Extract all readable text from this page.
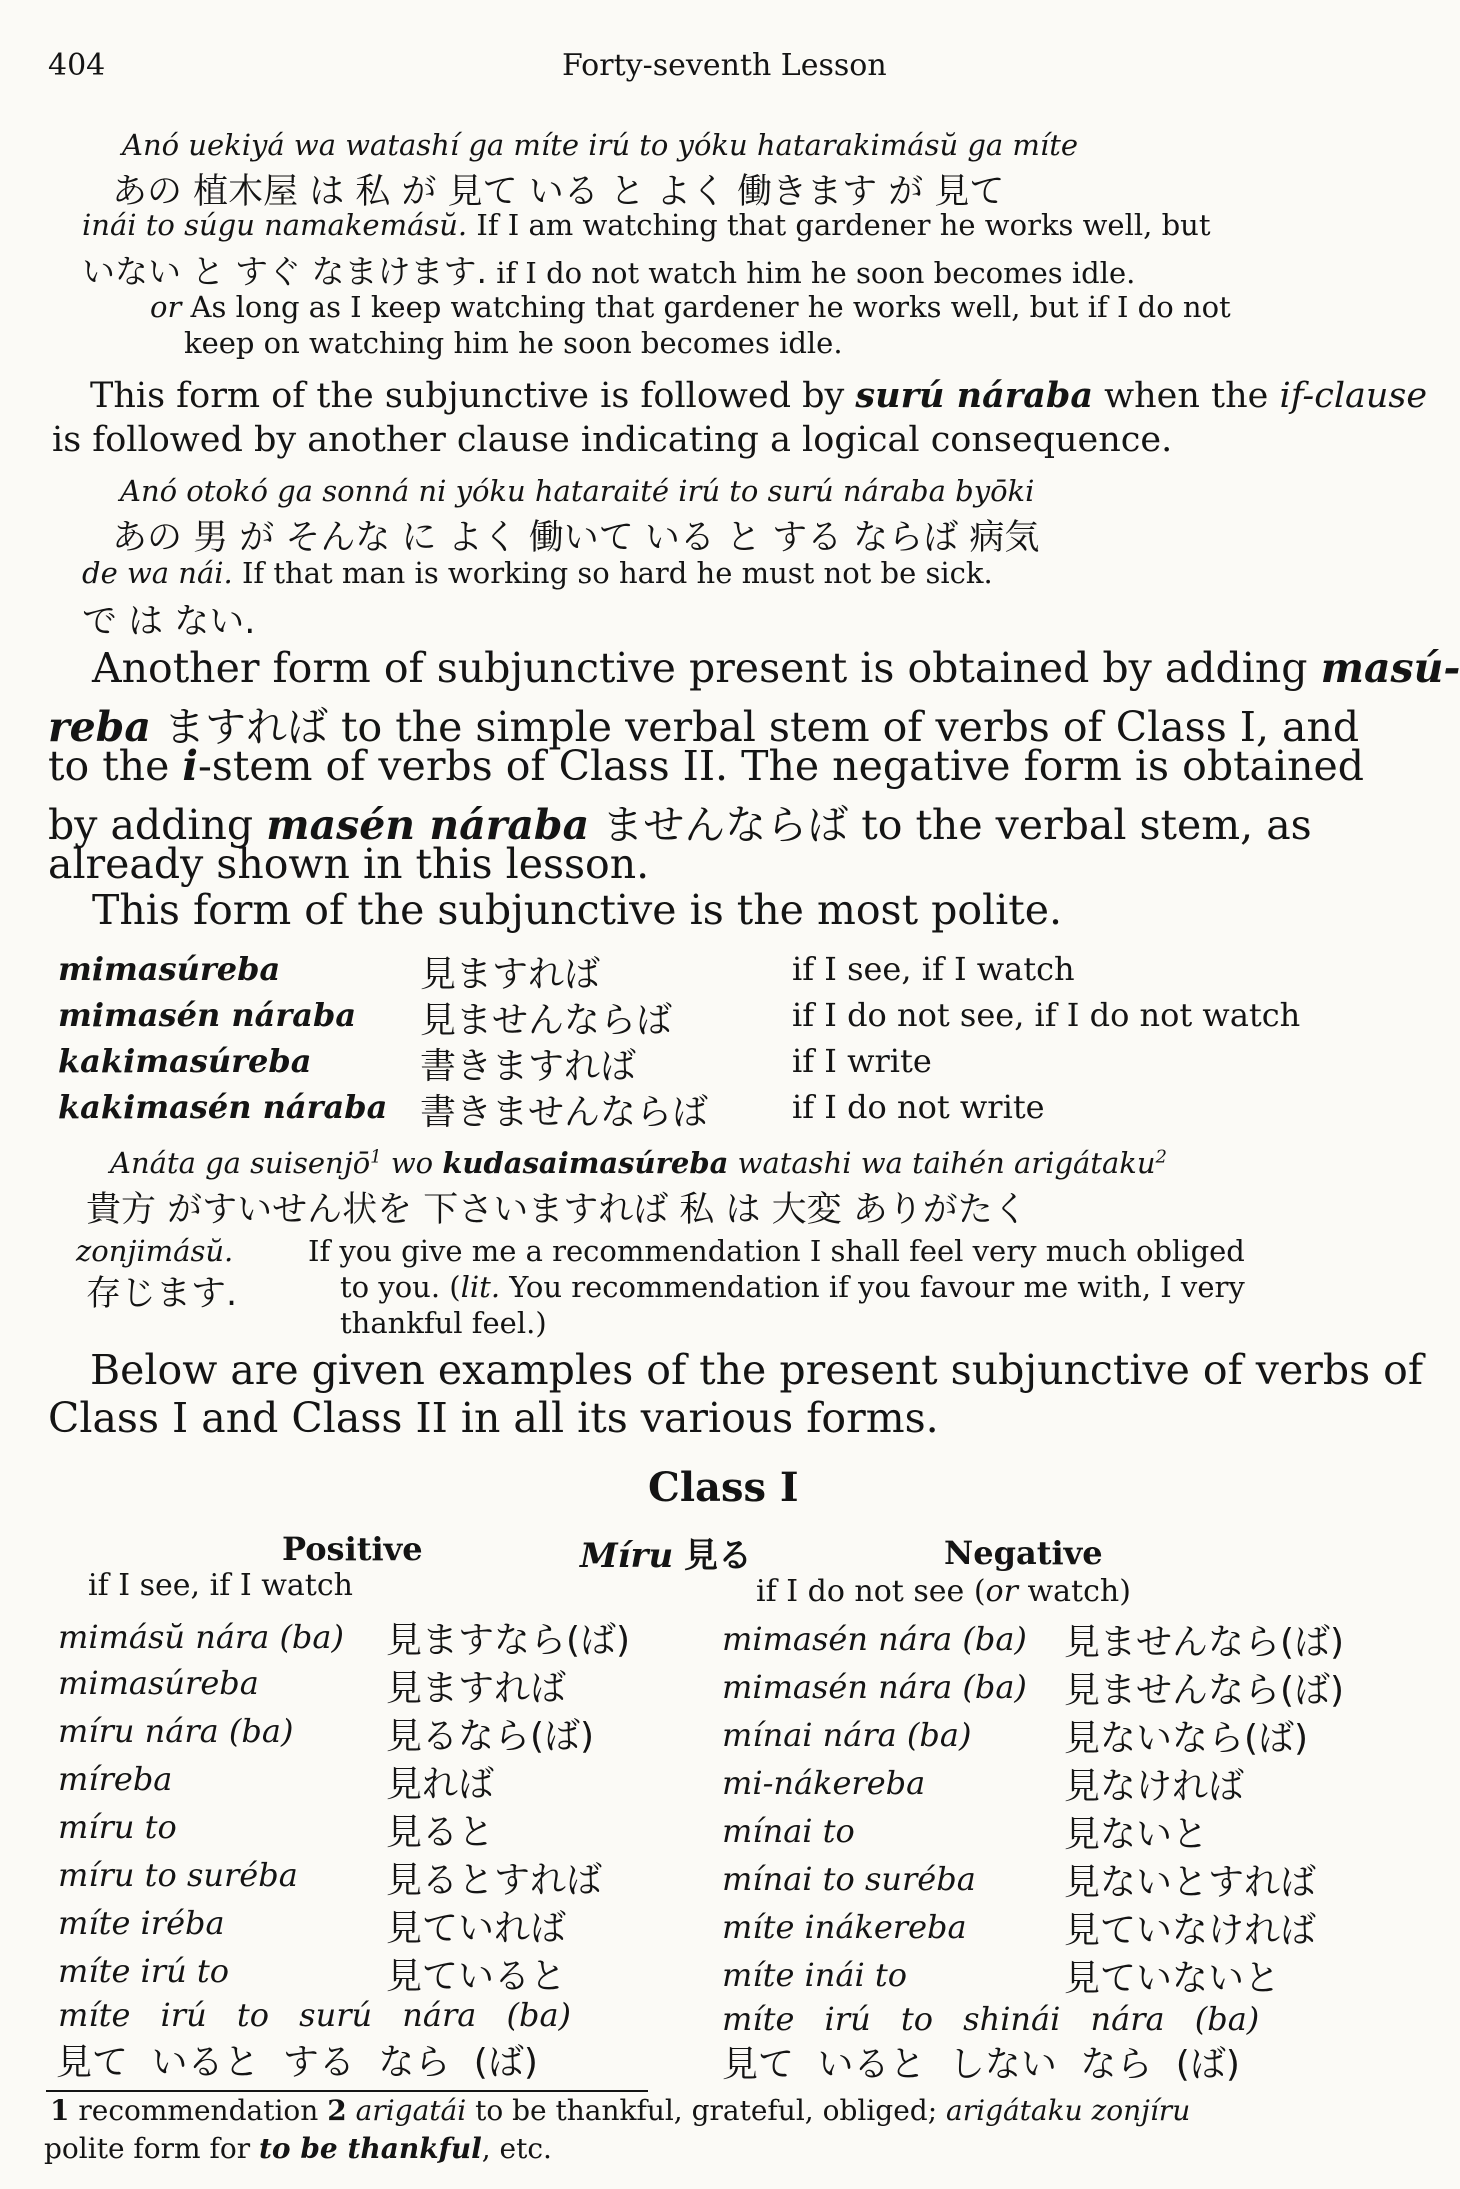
404	Forty-seventh Lesson
Anó uekiyá wa watashí ga míte irú to yóku hatarakimásŭ ga míte
あの 植木屋 は 私 が 見て いる と よく 働きます が 見て
inái to súgu namakemásŭ. If I am watching that gardener he works well, but
いない と すぐ なまけます. if I do not watch him he soon becomes idle.
or As long as I keep watching that gardener he works well, but if I do not
keep on watching him he soon becomes idle.
This form of the subjunctive is followed by surú náraba when the if-clause
is followed by another clause indicating a logical consequence.
Anó otokó ga sonná ni yóku hataraité irú to surú náraba byōki
あの 男 が そんな に よく 働いて いる と する ならば 病気
de wa nái. If that man is working so hard he must not be sick.
で は ない.
Another form of subjunctive present is obtained by adding masú-
reba ますれば to the simple verbal stem of verbs of Class I, and
to the i-stem of verbs of Class II. The negative form is obtained
by adding masén náraba ませんならば to the verbal stem, as
already shown in this lesson.
This form of the subjunctive is the most polite.
mimasúreba	見ますれば	if I see, if I watch
mimasén náraba 見ませんならば	if I do not see, if I do not watch
kakimasúreba	書きますれば	if I write
kakimasén náraba 書きませんならば	if I do not write
Anáta ga suisenjō$^1$ wo kudasaimasúreba watashi wa taihén arigátaku$^2$
貴方 がすいせん状を 下さいますれば 私 は 大変 ありがたく
zonjimásŭ.	If you give me a recommendation I shall feel very much obliged
存じます.	to you. (lit. You recommendation if you favour me with, I very
thankful feel.)
Below are given examples of the present subjunctive of verbs of
Class I and Class II in all its various forms.
Class I
Positive	Míru 見る	Negative
if I see, if I watch	if I do not see (or watch)
mimásŭ nára (ba) 見ますなら(ば)	mimasén nára (ba) 見ませんなら(ば)
mimasúreba	見ますれば	mimasén nára (ba) 見ませんなら(ば)
míru nára (ba)	見るなら(ば)	mínai nára (ba)	見ないなら(ば)
míreba	見れば	mi-nákereba	見なければ
míru to	見ると	mínai to	見ないと
míru to suréba 見るとすれば	mínai to suréba 見ないとすれば
míte iréba	見ていれば	míte inákereba	見ていなければ
míte irú to	見ていると	míte inái to	見ていないと
míte irú to surú nára (ba)
見て いると する なら (ば)
míte irú to shinái nára (ba)
見て いると しない なら (ば)
1 recommendation 2 arigatái to be thankful, grateful, obliged; arigátaku zonjíru
polite form for to be thankful, etc.
